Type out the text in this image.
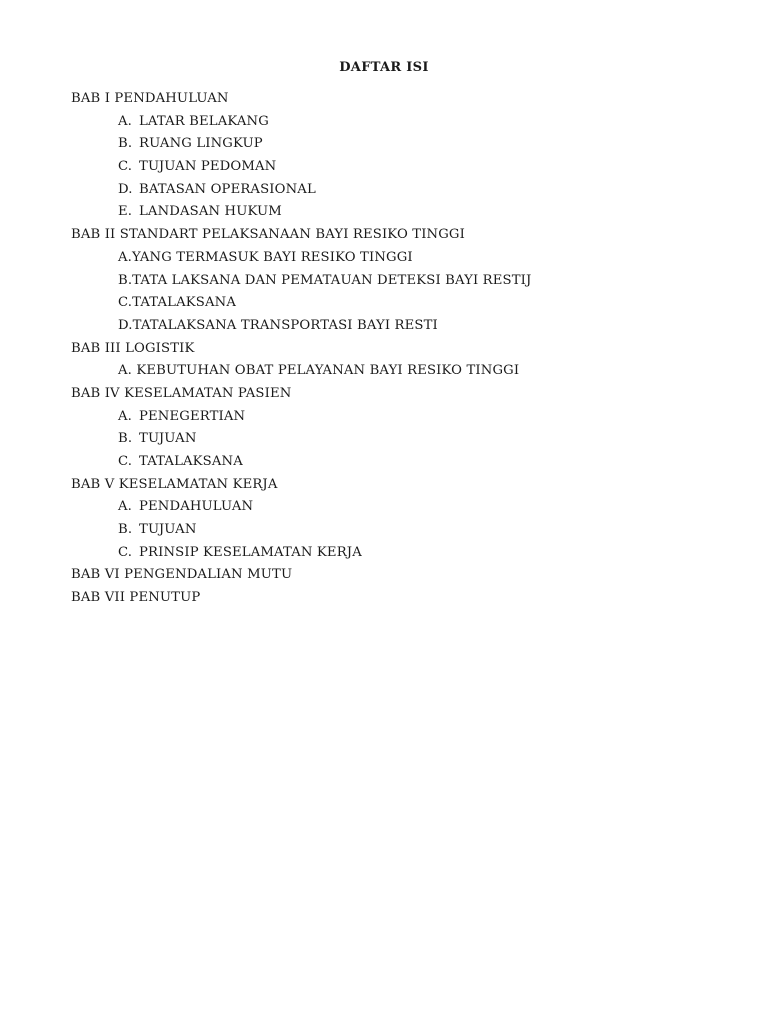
DAFTAR ISI
BAB I PENDAHULUAN
A. LATAR BELAKANG
B. RUANG LINGKUP
C. TUJUAN PEDOMAN
D. BATASAN OPERASIONAL
E. LANDASAN HUKUM
BAB II STANDART PELAKSANAAN BAYI RESIKO TINGGI
A.YANG TERMASUK BAYI RESIKO TINGGI
B.TATA LAKSANA DAN PEMATAUAN DETEKSI BAYI RESTIJ
C.TATALAKSANA
D.TATALAKSANA TRANSPORTASI BAYI RESTI
BAB III LOGISTIK
A. KEBUTUHAN OBAT PELAYANAN BAYI RESIKO TINGGI
BAB IV KESELAMATAN PASIEN
A. PENEGERTIAN
B. TUJUAN
C. TATALAKSANA
BAB V KESELAMATAN KERJA
A. PENDAHULUAN
B. TUJUAN
C. PRINSIP KESELAMATAN KERJA
BAB VI PENGENDALIAN MUTU
BAB VII PENUTUP
